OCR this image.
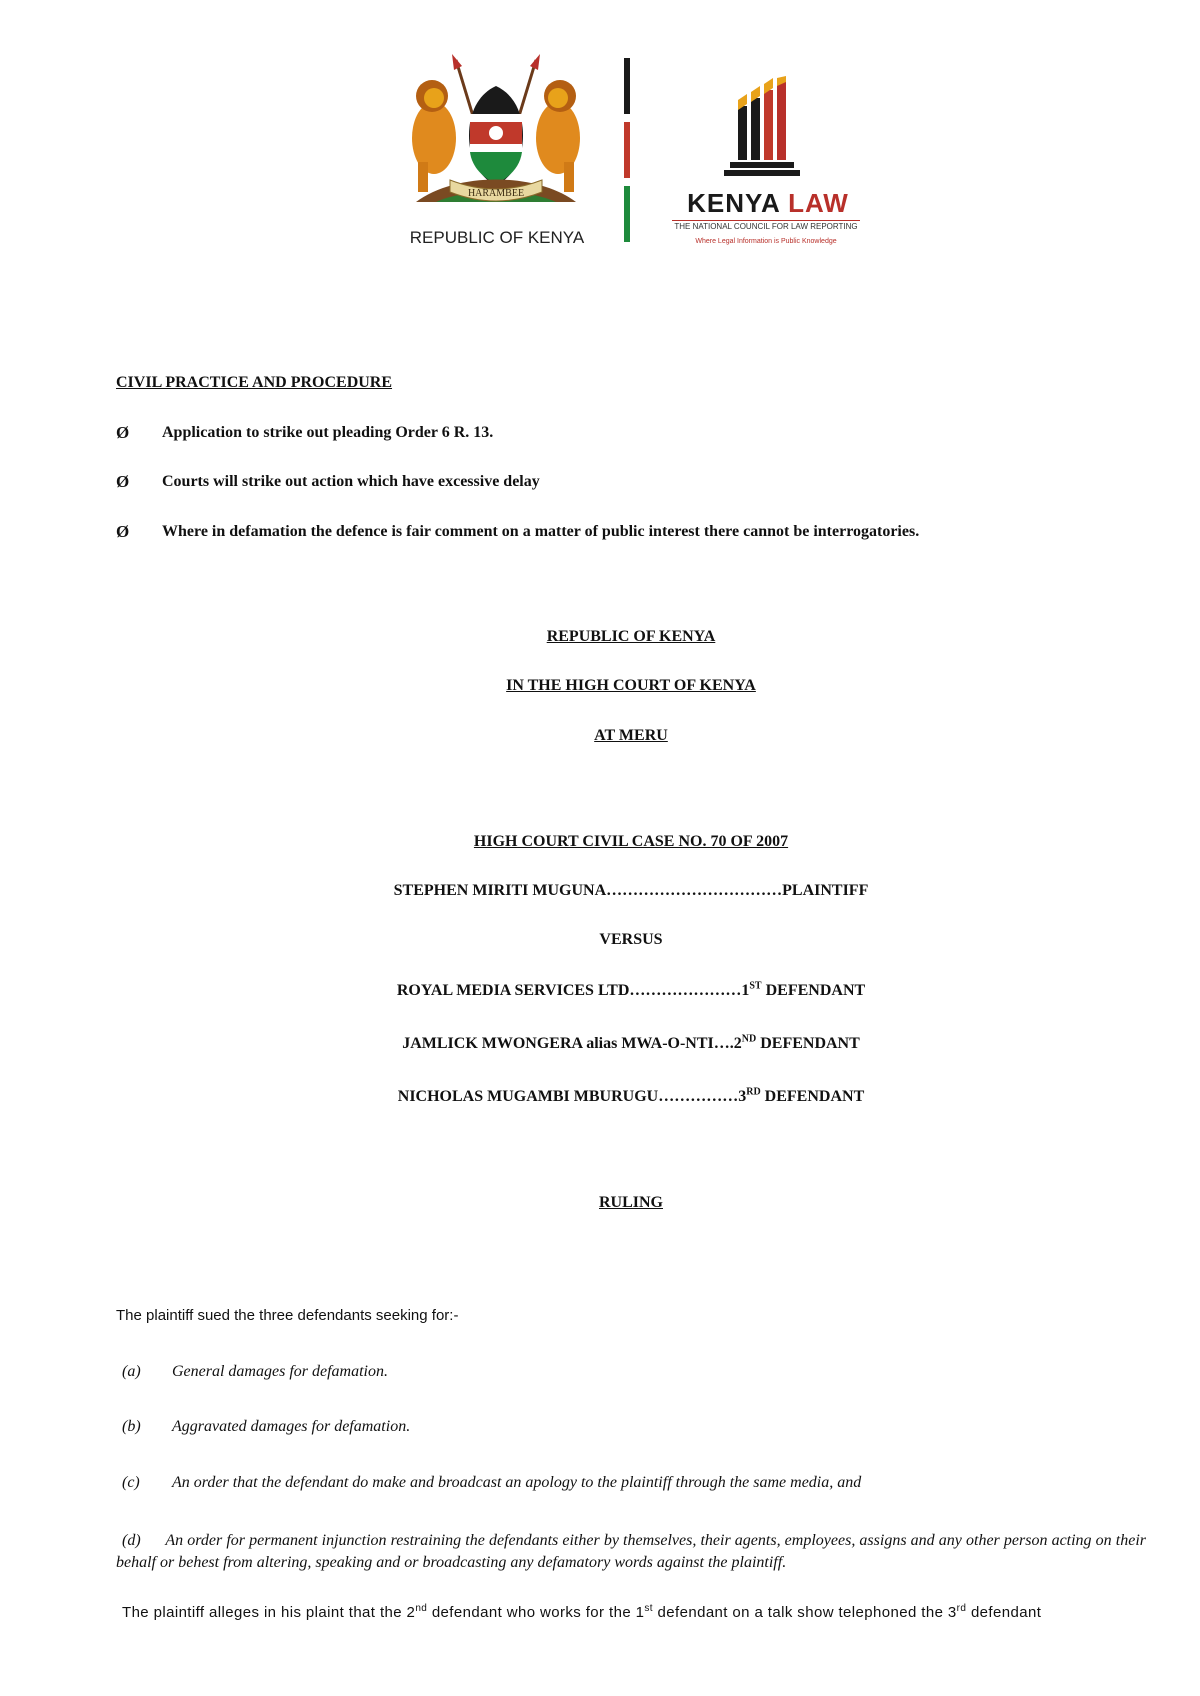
HARAMBEE
REPUBLIC OF KENYA
KENYA LAW
THE NATIONAL COUNCIL FOR LAW REPORTING
Where Legal Information is Public Knowledge
CIVIL PRACTICE AND PROCEDURE
Ø Application to strike out pleading Order 6 R. 13.
Ø Courts will strike out action which have excessive delay
Ø Where in defamation the defence is fair comment on a matter of public interest there cannot be interrogatories.
REPUBLIC OF KENYA
IN THE HIGH COURT OF KENYA
AT MERU
HIGH COURT CIVIL CASE NO. 70 OF 2007
STEPHEN MIRITI MUGUNA……………………………PLAINTIFF
VERSUS
ROYAL MEDIA SERVICES LTD…………………1ST DEFENDANT
JAMLICK MWONGERA alias MWA-O-NTI….2ND DEFENDANT
NICHOLAS MUGAMBI MBURUGU……………3RD DEFENDANT
RULING
The plaintiff sued the three defendants seeking for:-
(a) General damages for defamation.
(b) Aggravated damages for defamation.
(c) An order that the defendant do make and broadcast an apology to the plaintiff through the same media, and
(d) An order for permanent injunction restraining the defendants either by themselves, their agents, employees, assigns and any other person acting on their behalf or behest from altering, speaking and or broadcasting any defamatory words against the plaintiff.
The plaintiff alleges in his plaint that the 2nd defendant who works for the 1st defendant on a talk show telephoned the 3rd defendant
